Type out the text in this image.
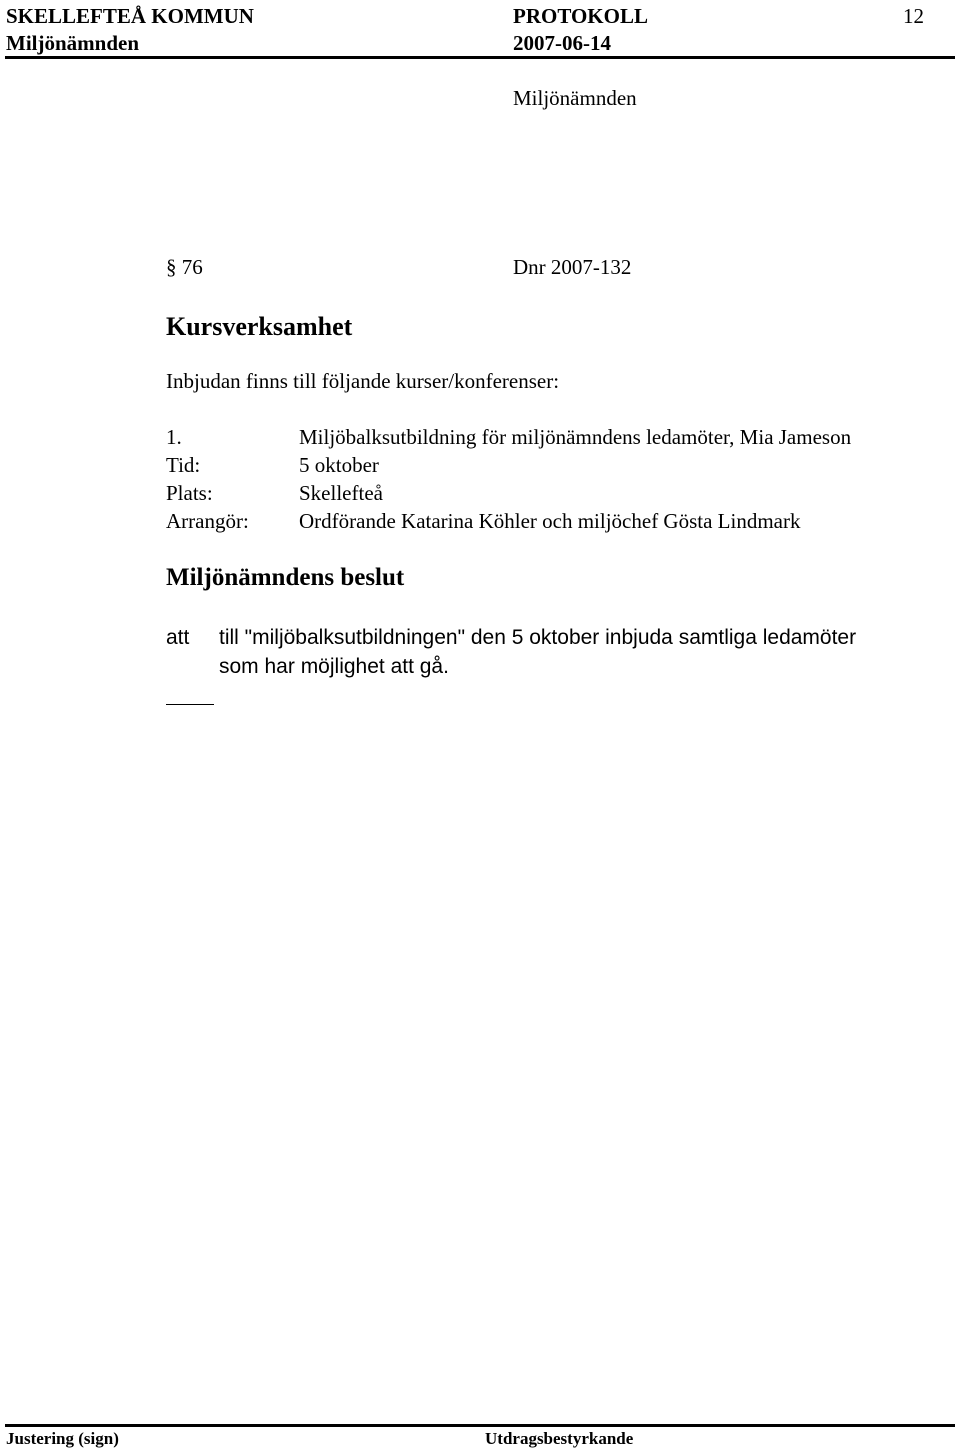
SKELLEFTEÅ KOMMUN	PROTOKOLL	12
Miljönämnden	2007-06-14
Miljönämnden
§ 76	Dnr 2007-132
Kursverksamhet
Inbjudan finns till följande kurser/konferenser:
1.	Miljöbalksutbildning för miljönämndens ledamöter, Mia Jameson
Tid:	5 oktober
Plats:	Skellefteå
Arrangör: Ordförande Katarina Köhler och miljöchef Gösta Lindmark
Miljönämndens beslut
att till "miljöbalksutbildningen" den 5 oktober inbjuda samtliga ledamöter
som har möjlighet att gå.
Justering (sign)	Utdragsbestyrkande
